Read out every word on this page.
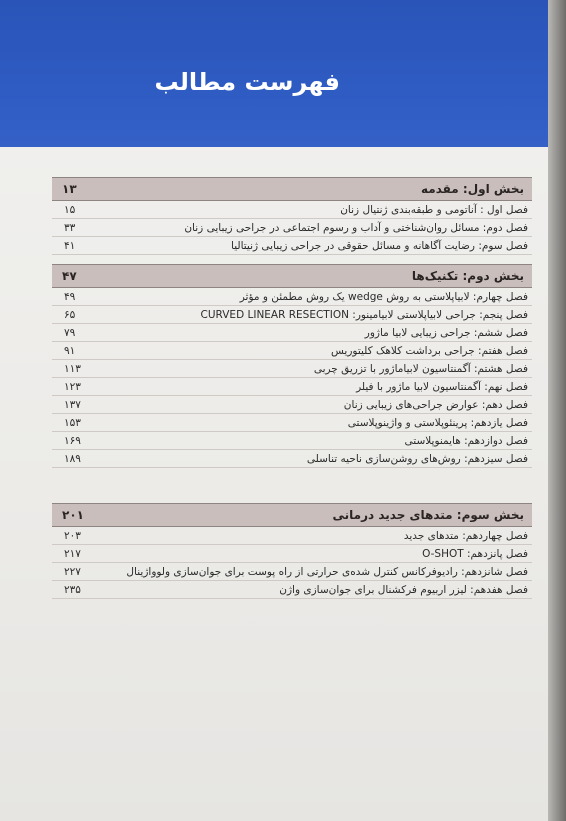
فهرست مطالب
۱۳	بخش اول: مقدمه
۱۵	فصل اول : آناتومی و طبقه‌بندی ژنتیال زنان
۳۳	فصل دوم: مسائل روان‌شناختی و آداب و رسوم اجتماعی در جراحی زیبایی زنان
۴۱	فصل سوم: رضایت آگاهانه و مسائل حقوقی در جراحی زیبایی ژنیتالیا
۴۷	بخش دوم: تکنیک‌ها
۴۹	فصل چهارم: لابیاپلاستی به روش wedge یک روش مطمئن و مؤثر
۶۵	فصل پنجم: جراحی لابیاپلاستی لابیامینور: CURVED LINEAR RESECTION
۷۹	فصل ششم: جراحی زیبایی لابیا ماژور
۹۱	فصل هفتم: جراحی برداشت کلاهک کلیتوریس
۱۱۳	فصل هشتم: آگمنتاسیون لابیاماژور با تزریق چربی
۱۲۳	فصل نهم: آگمنتاسیون لابیا ماژور با فیلر
۱۳۷	فصل دهم: عوارض جراحی‌های زیبایی زنان
۱۵۳	فصل یازدهم: پرینئوپلاستی و واژینوپلاستی
۱۶۹	فصل دوازدهم: هایمنوپلاستی
۱۸۹	فصل سیزدهم: روش‌های روشن‌سازی ناحیه تناسلی
۲۰۱	بخش سوم: متدهای جدید درمانی
۲۰۳	فصل چهاردهم: متدهای جدید
۲۱۷	فصل پانزدهم: O-SHOT
۲۲۷	فصل شانزدهم: رادیوفرکانس کنترل شده‌ی حرارتی از راه پوست برای جوان‌سازی ولوواژینال
۲۳۵	فصل هفدهم: لیزر اربیوم فرکشنال برای جوان‌سازی واژن
